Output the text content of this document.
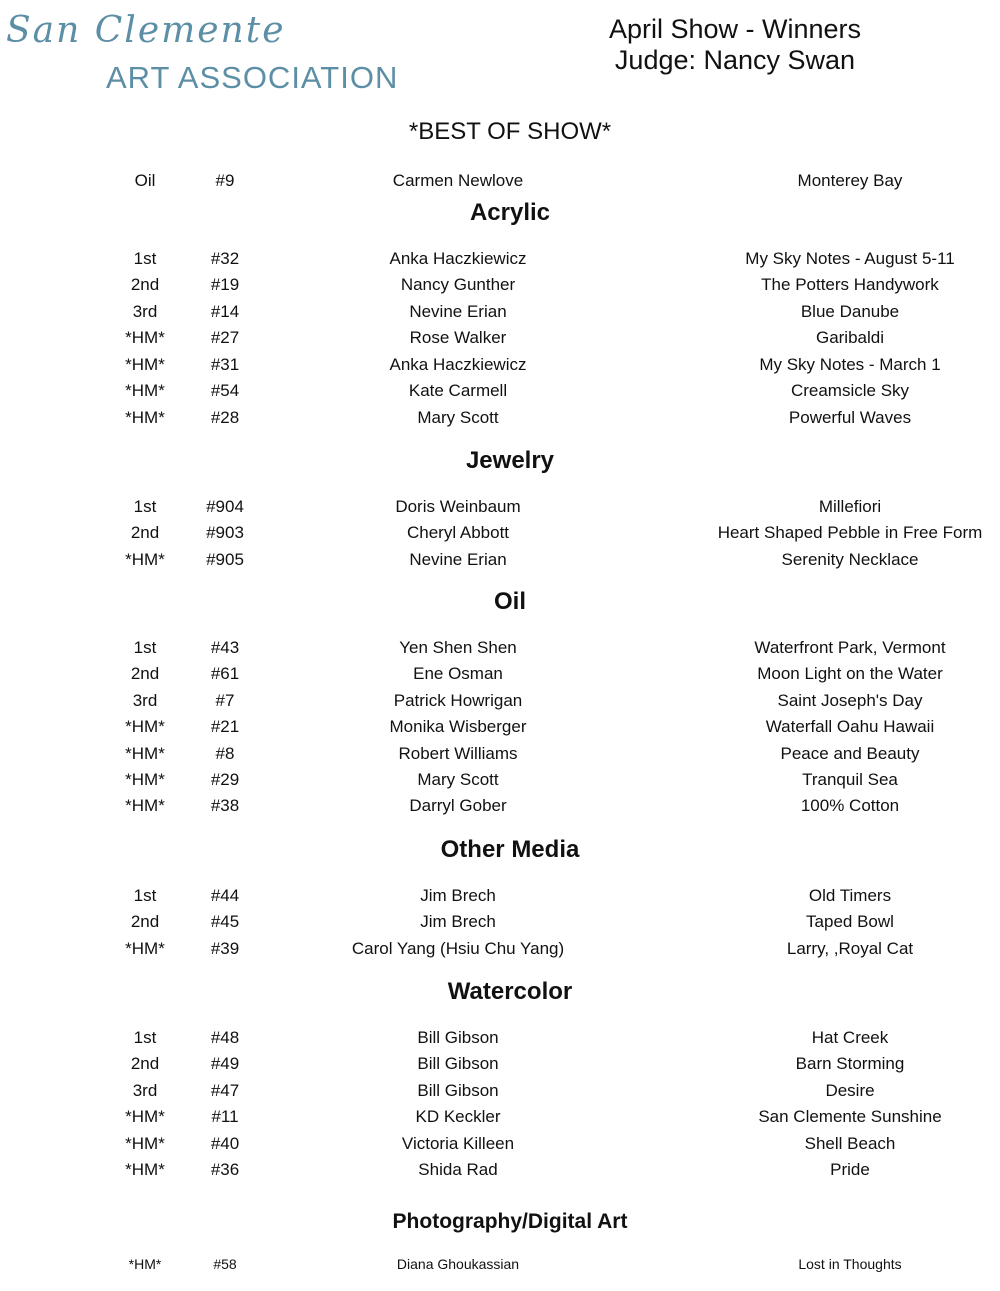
San Clemente
ART ASSOCIATION
April Show - Winners
Judge: Nancy Swan
*BEST OF SHOW*
Oil	#9	Carmen Newlove	Monterey Bay
Acrylic
1st	#32	Anka Haczkiewicz	My Sky Notes - August 5-11
2nd	#19	Nancy Gunther	The Potters Handywork
3rd	#14	Nevine Erian	Blue Danube
*HM*	#27	Rose Walker	Garibaldi
*HM*	#31	Anka Haczkiewicz	My Sky Notes - March 1
*HM*	#54	Kate Carmell	Creamsicle Sky
*HM*	#28	Mary Scott	Powerful Waves
Jewelry
1st	#904	Doris Weinbaum	Millefiori
2nd	#903	Cheryl Abbott	Heart Shaped Pebble in Free Form
*HM*	#905	Nevine Erian	Serenity Necklace
Oil
1st	#43	Yen Shen Shen	Waterfront Park, Vermont
2nd	#61	Ene Osman	Moon Light on the Water
3rd	#7	Patrick Howrigan	Saint Joseph's Day
*HM*	#21	Monika Wisberger	Waterfall Oahu Hawaii
*HM*	#8	Robert Williams	Peace and Beauty
*HM*	#29	Mary Scott	Tranquil Sea
*HM*	#38	Darryl Gober	100% Cotton
Other Media
1st	#44	Jim Brech	Old Timers
2nd	#45	Jim Brech	Taped Bowl
*HM*	#39	Carol Yang (Hsiu Chu Yang)	Larry, ,Royal Cat
Watercolor
1st	#48	Bill Gibson	Hat Creek
2nd	#49	Bill Gibson	Barn Storming
3rd	#47	Bill Gibson	Desire
*HM*	#11	KD Keckler	San Clemente Sunshine
*HM*	#40	Victoria Killeen	Shell Beach
*HM*	#36	Shida Rad	Pride
Photography/Digital Art
*HM*	#58	Diana Ghoukassian	Lost in Thoughts
